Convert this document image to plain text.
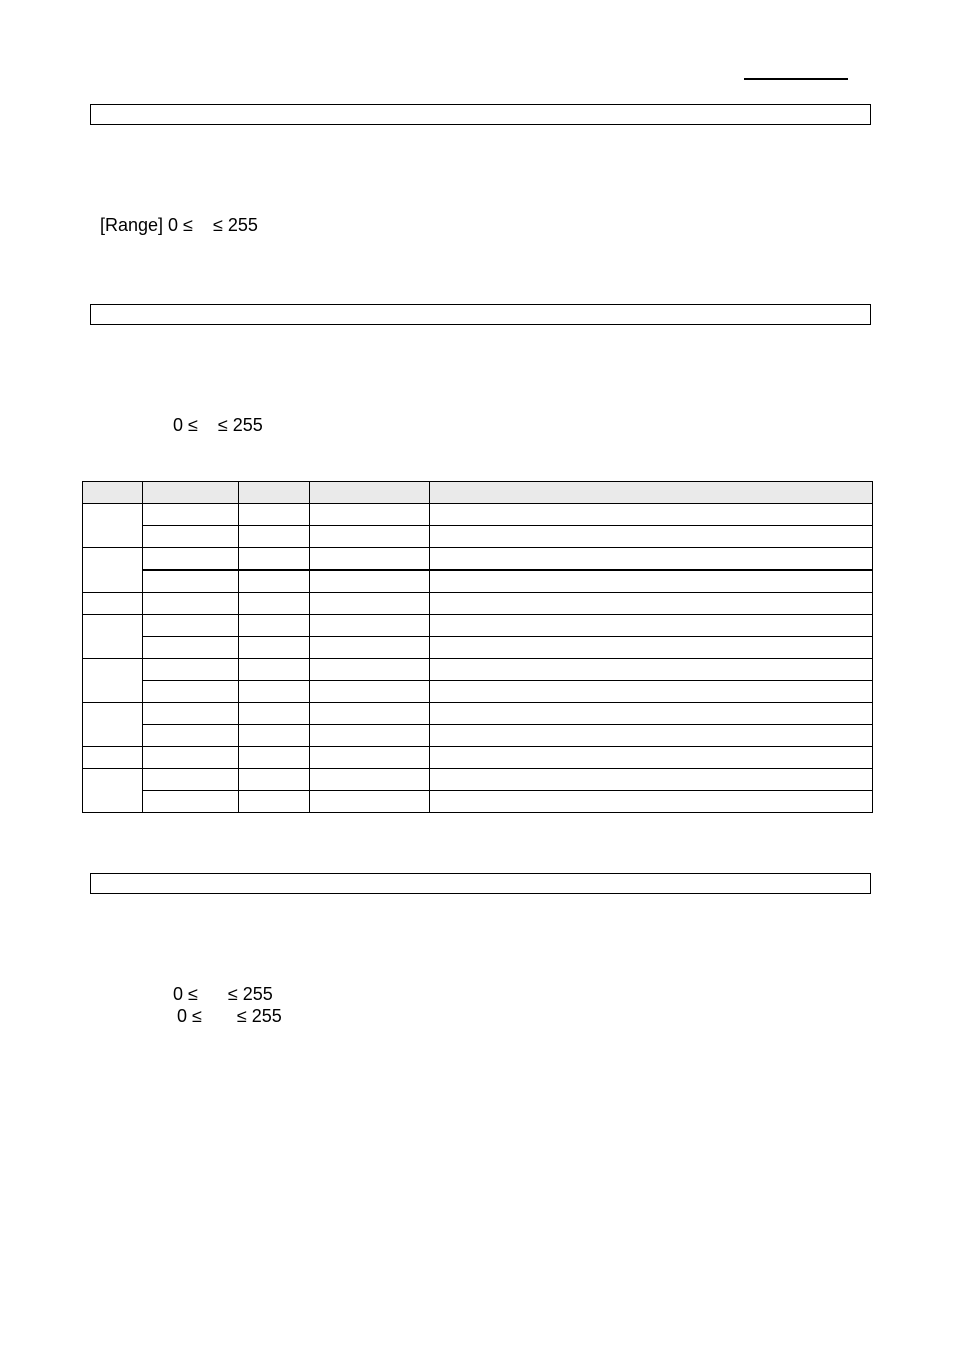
[Range] 0 ≤    ≤ 255
0 ≤    ≤ 255

0 ≤      ≤ 255
0 ≤       ≤ 255
